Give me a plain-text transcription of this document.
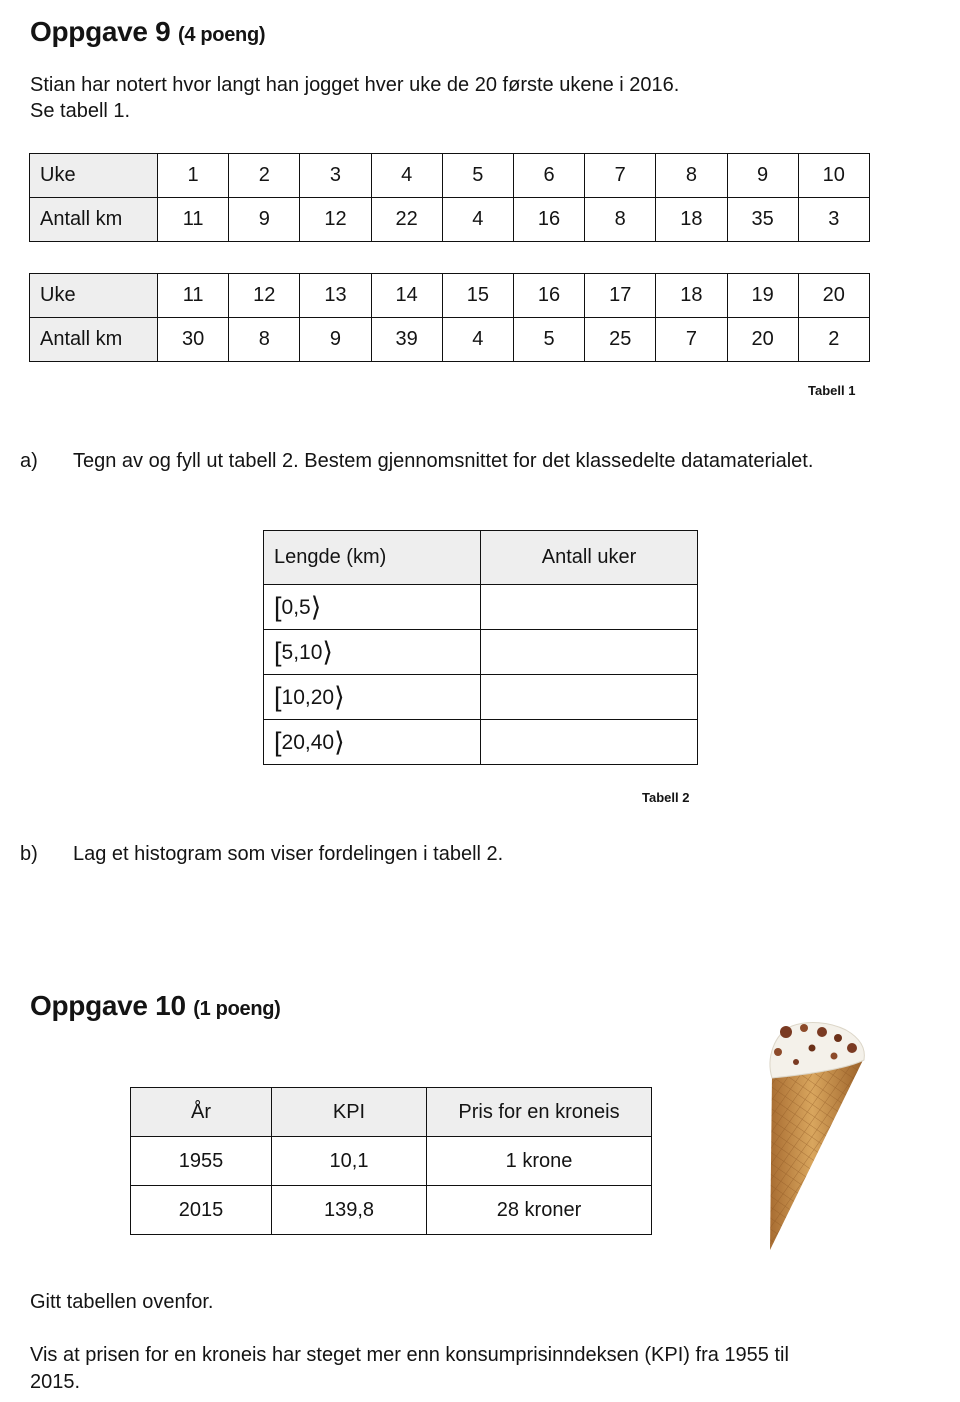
Oppgave 9 (4 poeng)
Stian har notert hvor langt han jogget hver uke de 20 første ukene i 2016.
Se tabell 1.
Uke	1	2	3	4	5	6	7	8	9	10
Antall km	11	9	12	22	4	16	8	18	35	3
Uke	11	12	13	14	15	16	17	18	19	20
Antall km	30	8	9	39	4	5	25	7	20	2
Tabell 1
a) Tegn av og fyll ut tabell 2. Bestem gjennomsnittet for det klassedelte datamaterialet.
Lengde (km)	Antall uker
[0,5⟩	
[5,10⟩	
[10,20⟩	
[20,40⟩	
Tabell 2
b) Lag et histogram som viser fordelingen i tabell 2.
Oppgave 10 (1 poeng)
År	KPI	Pris for en kroneis
1955	10,1	1 krone
2015	139,8	28 kroner
Gitt tabellen ovenfor.
Vis at prisen for en kroneis har steget mer enn konsumprisinndeksen (KPI) fra 1955 til
2015.
